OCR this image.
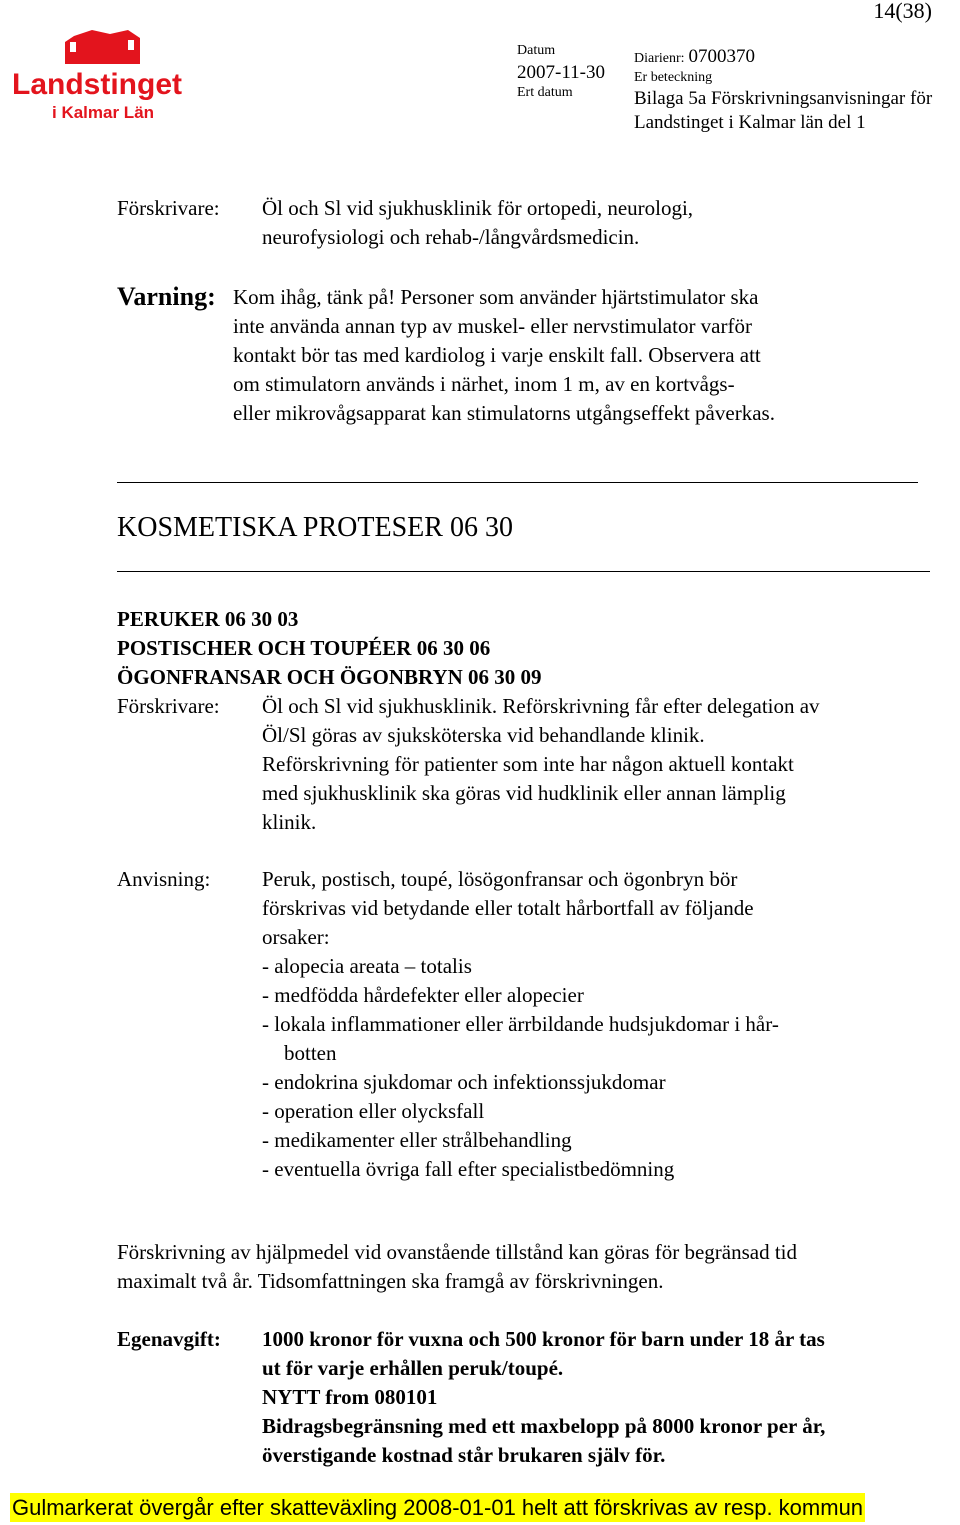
14(38)
Landstinget
i Kalmar Län
Datum
2007-11-30
Ert datum
Diarienr: 0700370
Er beteckning
Bilaga 5a Förskrivningsanvisningar för
Landstinget i Kalmar län del 1
Förskrivare: Öl och Sl vid sjukhusklinik för ortopedi, neurologi,
neurofysiologi och rehab-/långvårdsmedicin.
Varning: Kom ihåg, tänk på! Personer som använder hjärtstimulator ska
inte använda annan typ av muskel- eller nervstimulator varför
kontakt bör tas med kardiolog i varje enskilt fall. Observera att
om stimulatorn används i närhet, inom 1 m, av en kortvågs-
eller mikrovågsapparat kan stimulatorns utgångseffekt påverkas.
KOSMETISKA PROTESER 06 30
PERUKER 06 30 03
POSTISCHER OCH TOUPÉER 06 30 06
ÖGONFRANSAR OCH ÖGONBRYN 06 30 09
Förskrivare: Öl och Sl vid sjukhusklinik. Reförskrivning får efter delegation av
Öl/Sl göras av sjuksköterska vid behandlande klinik.
Reförskrivning för patienter som inte har någon aktuell kontakt
med sjukhusklinik ska göras vid hudklinik eller annan lämplig
klinik.
Anvisning: Peruk, postisch, toupé, lösögonfransar och ögonbryn bör
förskrivas vid betydande eller totalt hårbortfall av följande
orsaker:
- alopecia areata – totalis
- medfödda hårdefekter eller alopecier
- lokala inflammationer eller ärrbildande hudsjukdomar i hår-
botten
- endokrina sjukdomar och infektionssjukdomar
- operation eller olycksfall
- medikamenter eller strålbehandling
- eventuella övriga fall efter specialistbedömning
Förskrivning av hjälpmedel vid ovanstående tillstånd kan göras för begränsad tid
maximalt två år. Tidsomfattningen ska framgå av förskrivningen.
Egenavgift: 1000 kronor för vuxna och 500 kronor för barn under 18 år tas
ut för varje erhållen peruk/toupé.
NYTT from 080101
Bidragsbegränsning med ett maxbelopp på 8000 kronor per år,
överstigande kostnad står brukaren själv för.
Gulmarkerat övergår efter skatteväxling 2008-01-01 helt att förskrivas av resp. kommun
